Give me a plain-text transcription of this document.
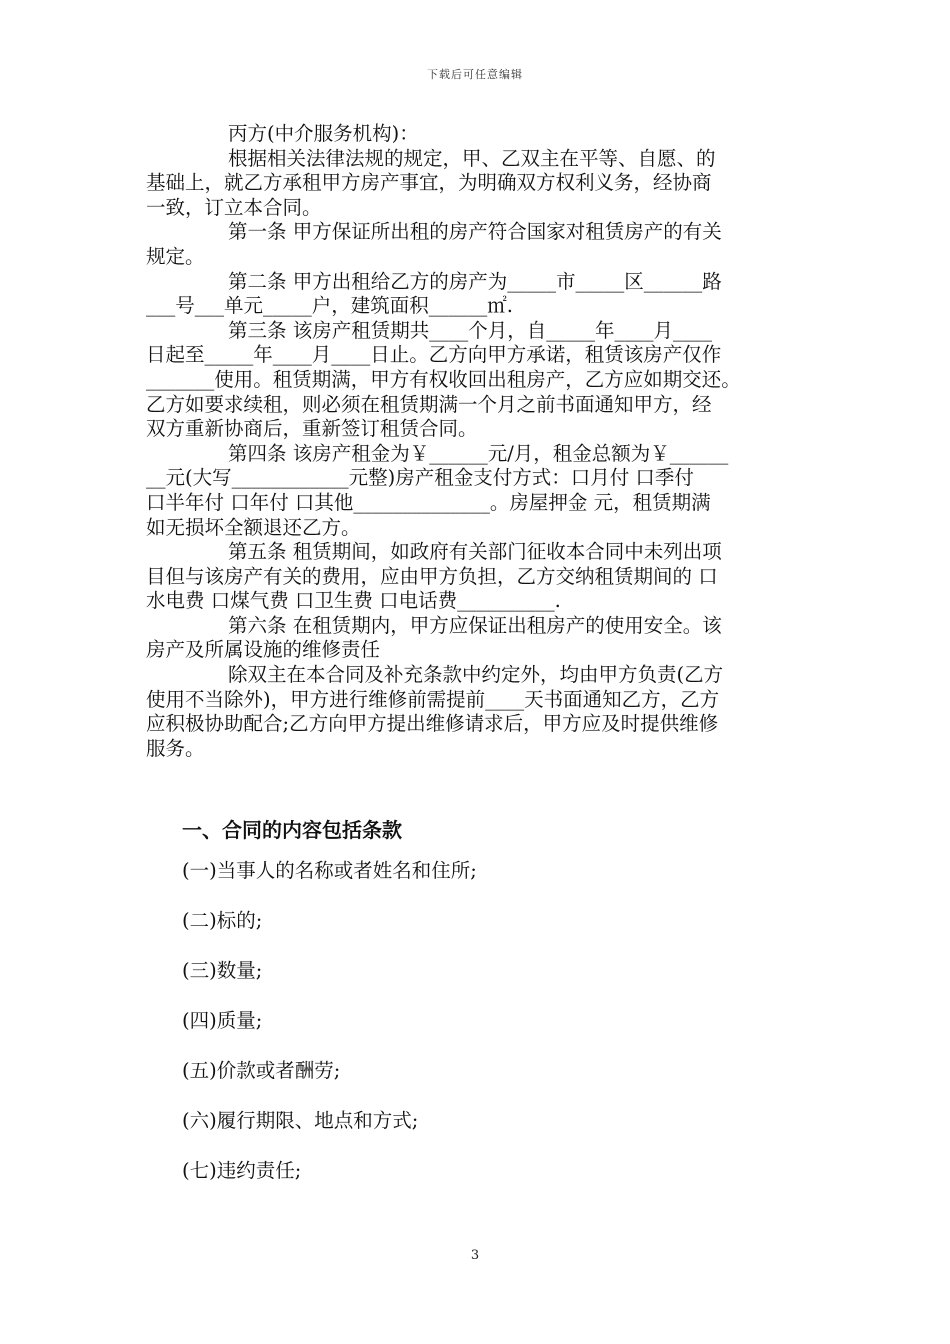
下载后可任意编辑

丙方(中介服务机构)：

根据相关法律法规的规定，甲、乙双主在平等、自愿、的

基础上，就乙方承租甲方房产事宜，为明确双方权利义务，经协商

一致，订立本合同。

第一条 甲方保证所出租的房产符合国家对租赁房产的有关

规定。

第二条 甲方出租给乙方的房产为_____市_____区______路

___号___单元_____户，建筑面积______㎡.

第三条 该房产租赁期共____个月，自_____年____月____

日起至_____年____月____日止。乙方向甲方承诺，租赁该房产仅作

_______使用。租赁期满，甲方有权收回出租房产，乙方应如期交还。

乙方如要求续租，则必须在租赁期满一个月之前书面通知甲方，经

双方重新协商后，重新签订租赁合同。

第四条 该房产租金为￥______元/月，租金总额为￥______

__元(大写____________元整)房产租金支付方式：口月付 口季付

口半年付 口年付 口其他______________。房屋押金 元，租赁期满

如无损坏全额退还乙方。

第五条 租赁期间，如政府有关部门征收本合同中未列出项

目但与该房产有关的费用，应由甲方负担，乙方交纳租赁期间的 口

水电费 口煤气费 口卫生费 口电话费__________.

第六条 在租赁期内，甲方应保证出租房产的使用安全。该

房产及所属设施的维修责任

除双主在本合同及补充条款中约定外，均由甲方负责(乙方

使用不当除外)，甲方进行维修前需提前____天书面通知乙方，乙方

应积极协助配合;乙方向甲方提出维修请求后，甲方应及时提供维修

服务。

一、合同的内容包括条款
(一)当事人的名称或者姓名和住所;
(二)标的;
(三)数量;
(四)质量;
(五)价款或者酬劳;
(六)履行期限、地点和方式;
(七)违约责任;
3
